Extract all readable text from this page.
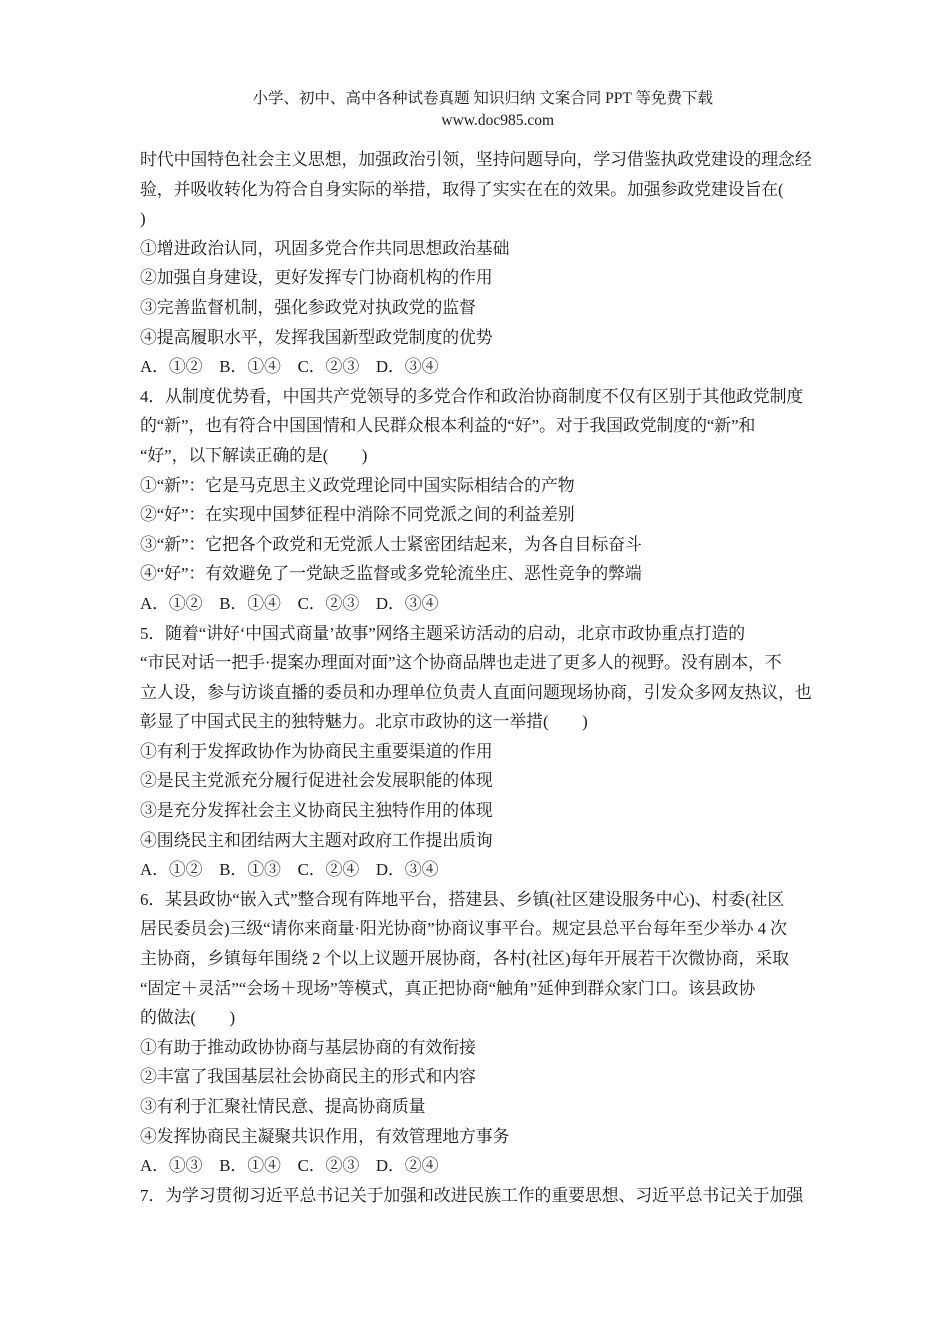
小学、初中、高中各种试卷真题 知识归纳 文案合同 PPT 等免费下载
www.doc985.com

时代中国特色社会主义思想，加强政治引领，坚持问题导向，学习借鉴执政党建设的理念经
验，并吸收转化为符合自身实际的举措，取得了实实在在的效果。加强参政党建设旨在(
)
①增进政治认同，巩固多党合作共同思想政治基础
②加强自身建设，更好发挥专门协商机构的作用
③完善监督机制，强化参政党对执政党的监督
④提高履职水平，发挥我国新型政党制度的优势
A．①②　B．①④　C．②③　D．③④
4．从制度优势看，中国共产党领导的多党合作和政治协商制度不仅有区别于其他政党制度
的“新”，也有符合中国国情和人民群众根本利益的“好”。对于我国政党制度的“新”和
“好”，以下解读正确的是(　　)
①“新”：它是马克思主义政党理论同中国实际相结合的产物
②“好”：在实现中国梦征程中消除不同党派之间的利益差别
③“新”：它把各个政党和无党派人士紧密团结起来，为各自目标奋斗
④“好”：有效避免了一党缺乏监督或多党轮流坐庄、恶性竞争的弊端
A．①②　B．①④　C．②③　D．③④
5．随着“讲好‘中国式商量’故事”网络主题采访活动的启动，北京市政协重点打造的
“市民对话一把手·提案办理面对面”这个协商品牌也走进了更多人的视野。没有剧本，不
立人设，参与访谈直播的委员和办理单位负责人直面问题现场协商，引发众多网友热议，也
彰显了中国式民主的独特魅力。北京市政协的这一举措(　　)
①有利于发挥政协作为协商民主重要渠道的作用
②是民主党派充分履行促进社会发展职能的体现
③是充分发挥社会主义协商民主独特作用的体现
④围绕民主和团结两大主题对政府工作提出质询
A．①②　B．①③　C．②④　D．③④
6．某县政协“嵌入式”整合现有阵地平台，搭建县、乡镇(社区建设服务中心)、村委(社区
居民委员会)三级“请你来商量·阳光协商”协商议事平台。规定县总平台每年至少举办 4 次
主协商，乡镇每年围绕 2 个以上议题开展协商，各村(社区)每年开展若干次微协商，采取
“固定＋灵活”“会场＋现场”等模式，真正把协商“触角”延伸到群众家门口。该县政协
的做法(　　)
①有助于推动政协协商与基层协商的有效衔接
②丰富了我国基层社会协商民主的形式和内容
③有利于汇聚社情民意、提高协商质量
④发挥协商民主凝聚共识作用，有效管理地方事务
A．①③　B．①④　C．②③　D．②④
7．为学习贯彻习近平总书记关于加强和改进民族工作的重要思想、习近平总书记关于加强
